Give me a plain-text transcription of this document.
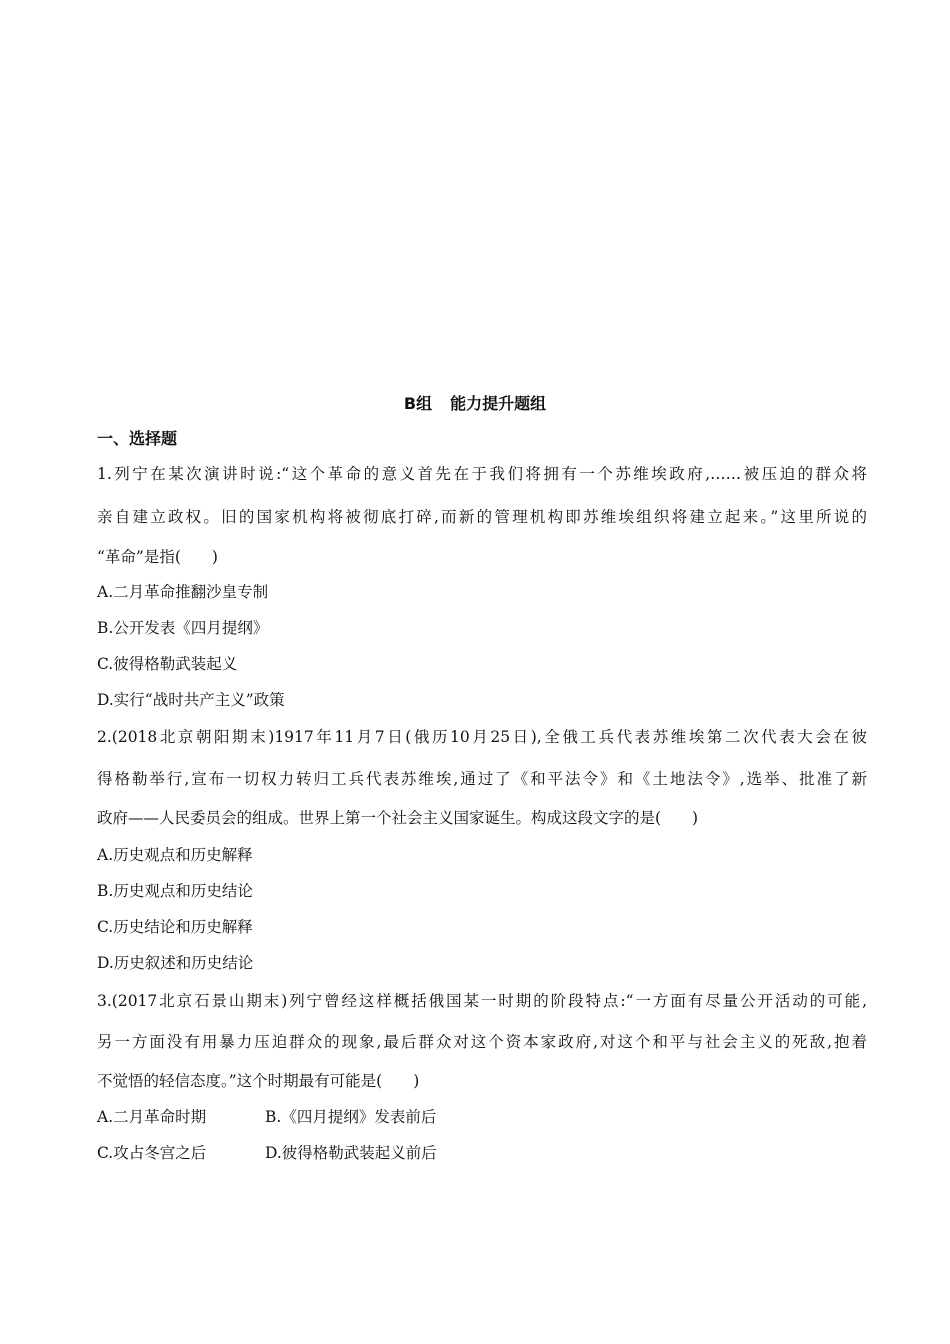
B组 能力提升题组
一、选择题
1.列宁在某次演讲时说:“这个革命的意义首先在于我们将拥有一个苏维埃政府,……被压迫的群众将
亲自建立政权。旧的国家机构将被彻底打碎,而新的管理机构即苏维埃组织将建立起来。”这里所说的
“革命”是指(　　)
A.二月革命推翻沙皇专制
B.公开发表《四月提纲》
C.彼得格勒武装起义
D.实行“战时共产主义”政策
2.(2018北京朝阳期末)1917年11月7日(俄历10月25日),全俄工兵代表苏维埃第二次代表大会在彼
得格勒举行,宣布一切权力转归工兵代表苏维埃,通过了《和平法令》和《土地法令》,选举、批准了新
政府——人民委员会的组成。世界上第一个社会主义国家诞生。构成这段文字的是(　　)
A.历史观点和历史解释
B.历史观点和历史结论
C.历史结论和历史解释
D.历史叙述和历史结论
3.(2017北京石景山期末)列宁曾经这样概括俄国某一时期的阶段特点:“一方面有尽量公开活动的可能,
另一方面没有用暴力压迫群众的现象,最后群众对这个资本家政府,对这个和平与社会主义的死敌,抱着
不觉悟的轻信态度。”这个时期最有可能是(　　)
A.二月革命时期	B.《四月提纲》发表前后
C.攻占冬宫之后	D.彼得格勒武装起义前后
